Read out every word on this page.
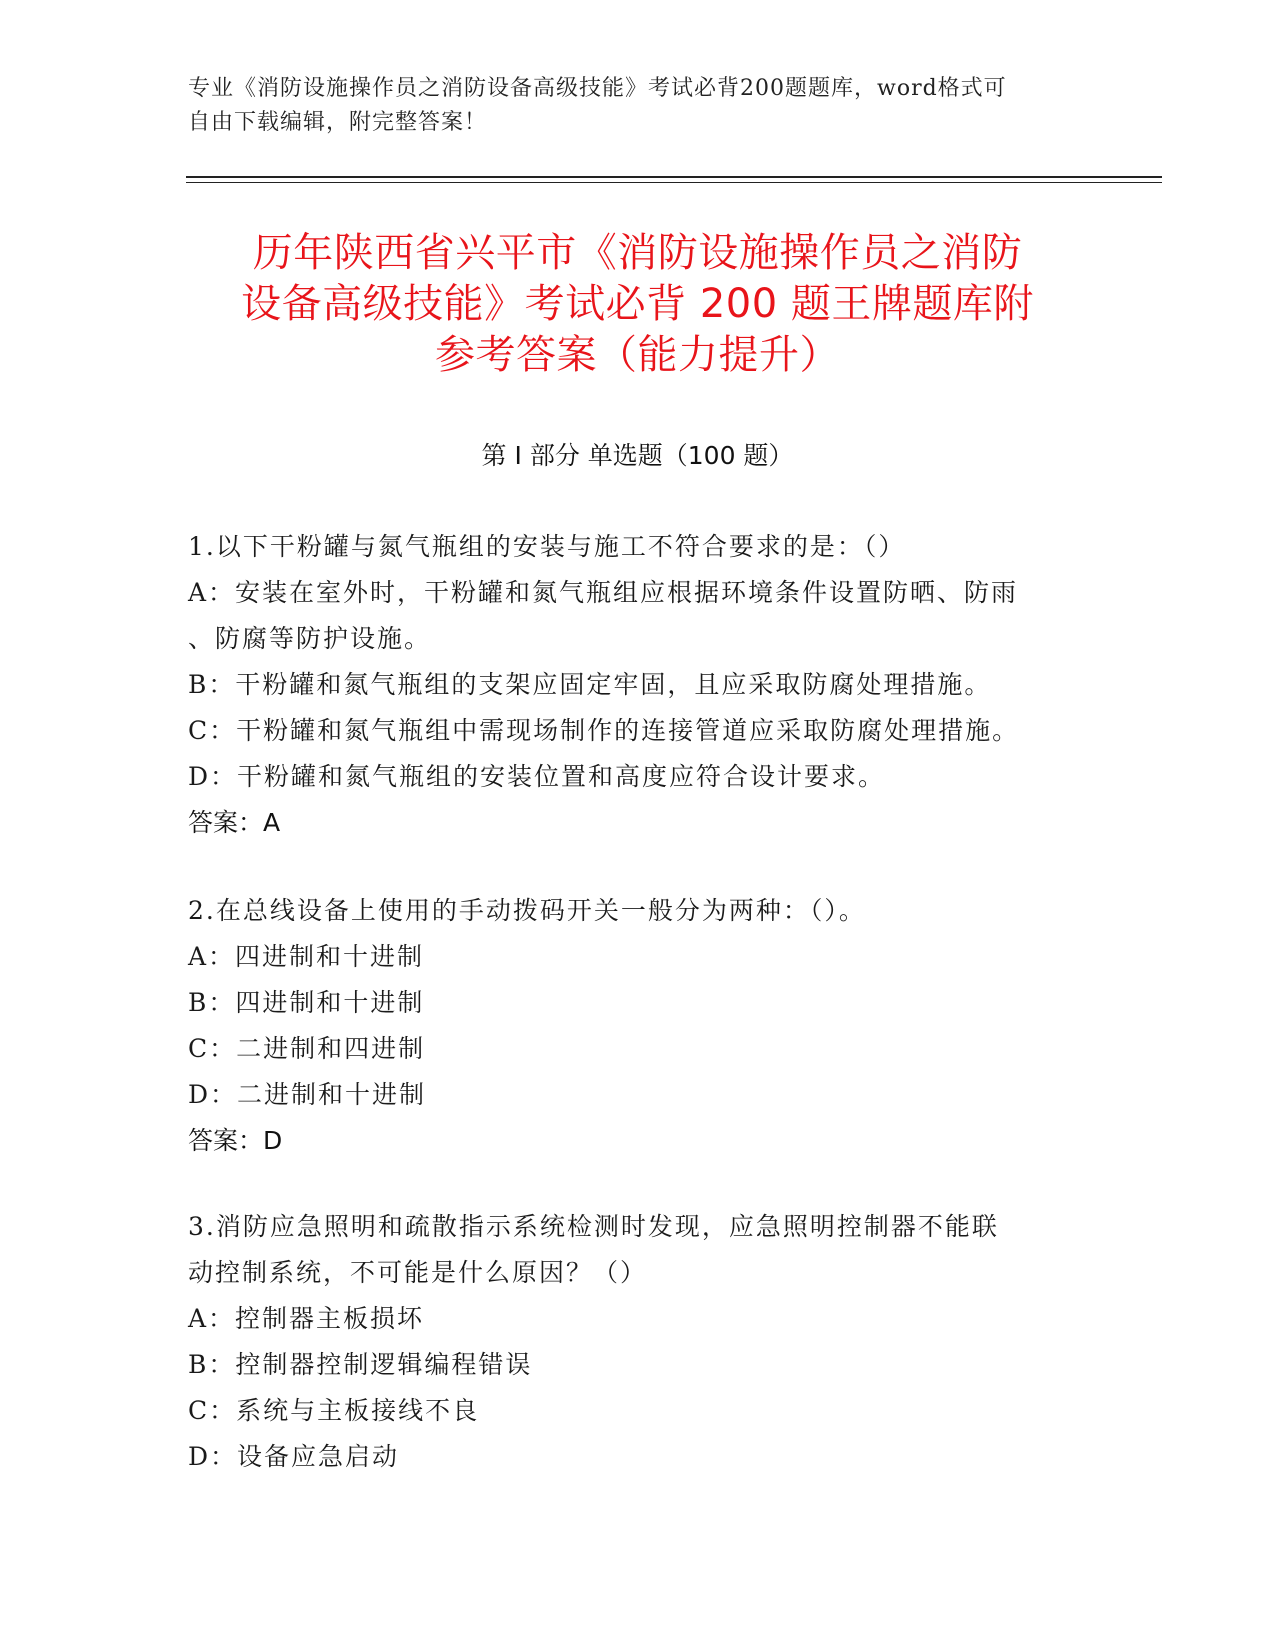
专业《消防设施操作员之消防设备高级技能》考试必背200题题库，word格式可
自由下载编辑，附完整答案！
历年陕西省兴平市《消防设施操作员之消防
设备高级技能》考试必背 200 题王牌题库附
参考答案（能力提升）
第 I 部分 单选题（100 题）
1.以下干粉罐与氮气瓶组的安装与施工不符合要求的是：（）
A：安装在室外时，干粉罐和氮气瓶组应根据环境条件设置防晒、防雨
、防腐等防护设施。
B：干粉罐和氮气瓶组的支架应固定牢固，且应采取防腐处理措施。
C：干粉罐和氮气瓶组中需现场制作的连接管道应采取防腐处理措施。
D：干粉罐和氮气瓶组的安装位置和高度应符合设计要求。
答案：A
2.在总线设备上使用的手动拨码开关一般分为两种：（）。
A：四进制和十进制
B：四进制和十进制
C：二进制和四进制
D：二进制和十进制
答案：D
3.消防应急照明和疏散指示系统检测时发现，应急照明控制器不能联
动控制系统，不可能是什么原因？（）
A：控制器主板损坏
B：控制器控制逻辑编程错误
C：系统与主板接线不良
D：设备应急启动
